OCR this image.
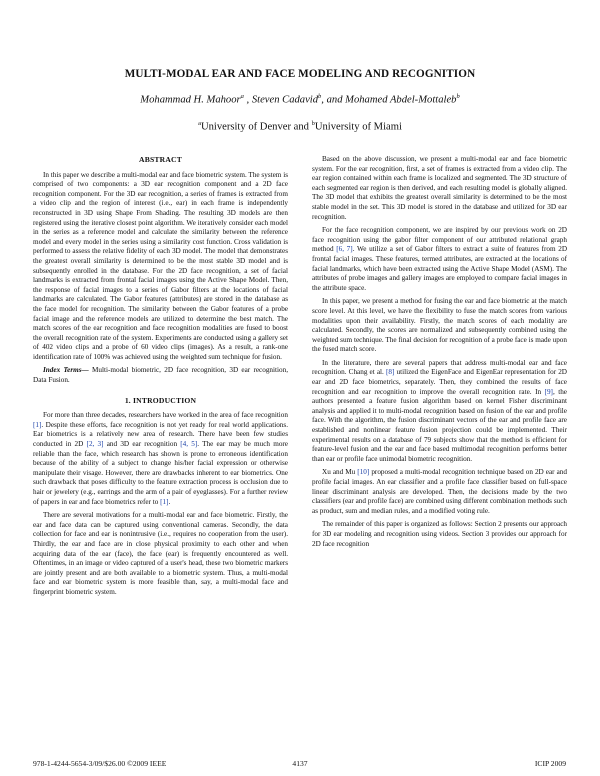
MULTI-MODAL EAR AND FACE MODELING AND RECOGNITION

Mohammad H. Mahoor$^a$ , Steven Cadavid$^b$, and Mohamed Abdel-Mottaleb$^b$

$^a$University of Denver and $^b$University of Miami

ABSTRACT

In this paper we describe a multi-modal ear and face biometric system. The system is comprised of two components: a 3D ear recognition component and a 2D face recognition component. For the 3D ear recognition, a series of frames is extracted from a video clip and the region of interest (i.e., ear) in each frame is independently reconstructed in 3D using Shape From Shading. The resulting 3D models are then registered using the iterative closest point algorithm. We iteratively consider each model in the series as a reference model and calculate the similarity between the reference model and every model in the series using a similarity cost function. Cross validation is performed to assess the relative fidelity of each 3D model. The model that demonstrates the greatest overall similarity is determined to be the most stable 3D model and is subsequently enrolled in the database. For the 2D face recognition, a set of facial landmarks is extracted from frontal facial images using the Active Shape Model. Then, the response of facial images to a series of Gabor filters at the locations of facial landmarks are calculated. The Gabor features (attributes) are stored in the database as the face model for recognition. The similarity between the Gabor features of a probe facial image and the reference models are utilized to determine the best match. The match scores of the ear recognition and face recognition modalities are fused to boost the overall recognition rate of the system. Experiments are conducted using a gallery set of 402 video clips and a probe of 60 video clips (images). As a result, a rank-one identification rate of 100% was achieved using the weighted sum technique for fusion.

Index Terms— Multi-modal biometric, 2D face recognition, 3D ear recognition, Data Fusion.

1. INTRODUCTION

For more than three decades, researchers have worked in the area of face recognition [1]. Despite these efforts, face recognition is not yet ready for real world applications. Ear biometrics is a relatively new area of research. There have been few studies conducted in 2D [2, 3] and 3D ear recognition [4, 5]. The ear may be much more reliable than the face, which research has shown is prone to erroneous identification because of the ability of a subject to change his/her facial expression or otherwise manipulate their visage. However, there are drawbacks inherent to ear biometrics. One such drawback that poses difficulty to the feature extraction process is occlusion due to hair or jewelery (e.g., earrings and the arm of a pair of eyeglasses). For a further review of papers in ear and face biometrics refer to [1].

There are several motivations for a multi-modal ear and face biometric. Firstly, the ear and face data can be captured using conventional cameras. Secondly, the data collection for face and ear is nonintrusive (i.e., requires no cooperation from the user). Thirdly, the ear and face are in close physical proximity to each other and when acquiring data of the ear (face), the face (ear) is frequently encountered as well. Oftentimes, in an image or video captured of a user's head, these two biometric markers are jointly present and are both available to a biometric system. Thus, a multi-modal face and ear biometric system is more feasible than, say, a multi-modal face and fingerprint biometric system.

Based on the above discussion, we present a multi-modal ear and face biometric system. For the ear recognition, first, a set of frames is extracted from a video clip. The ear region contained within each frame is localized and segmented. The 3D structure of each segmented ear region is then derived, and each resulting model is globally aligned. The 3D model that exhibits the greatest overall similarity is determined to be the most stable model in the set. This 3D model is stored in the database and utilized for 3D ear recognition.

For the face recognition component, we are inspired by our previous work on 2D face recognition using the gabor filter component of our attributed relational graph method [6, 7]. We utilize a set of Gabor filters to extract a suite of features from 2D frontal facial images. These features, termed attributes, are extracted at the locations of facial landmarks, which have been extracted using the Active Shape Model (ASM). The attributes of probe images and gallery images are employed to compare facial images in the attribute space.

In this paper, we present a method for fusing the ear and face biometric at the match score level. At this level, we have the flexibility to fuse the match scores from various modalities upon their availability. Firstly, the match scores of each modality are calculated. Secondly, the scores are normalized and subsequently combined using the weighted sum technique. The final decision for recognition of a probe face is made upon the fused match score.

In the literature, there are several papers that address multi-modal ear and face recognition. Chang et al. [8] utilized the EigenFace and EigenEar representation for 2D ear and 2D face biometrics, separately. Then, they combined the results of face recognition and ear recognition to improve the overall recognition rate. In [9], the authors presented a feature fusion algorithm based on kernel Fisher discriminant analysis and applied it to multi-modal recognition based on fusion of the ear and profile face. With the algorithm, the fusion discriminant vectors of the ear and profile face are established and nonlinear feature fusion projection could be implemented. Their experimental results on a database of 79 subjects show that the method is efficient for feature-level fusion and the ear and face based multimodal recognition performs better than ear or profile face unimodal biometric recognition.

Xu and Mu [10] proposed a multi-modal recognition technique based on 2D ear and profile facial images. An ear classifier and a profile face classifier based on full-space linear discriminant analysis are developed. Then, the decisions made by the two classifiers (ear and profile face) are combined using different combination methods such as product, sum and median rules, and a modified voting rule.

The remainder of this paper is organized as follows: Section 2 presents our approach for 3D ear modeling and recognition using videos. Section 3 provides our approach for 2D face recognition

978-1-4244-5654-3/09/$26.00 ©2009 IEEE	4137	ICIP 2009
